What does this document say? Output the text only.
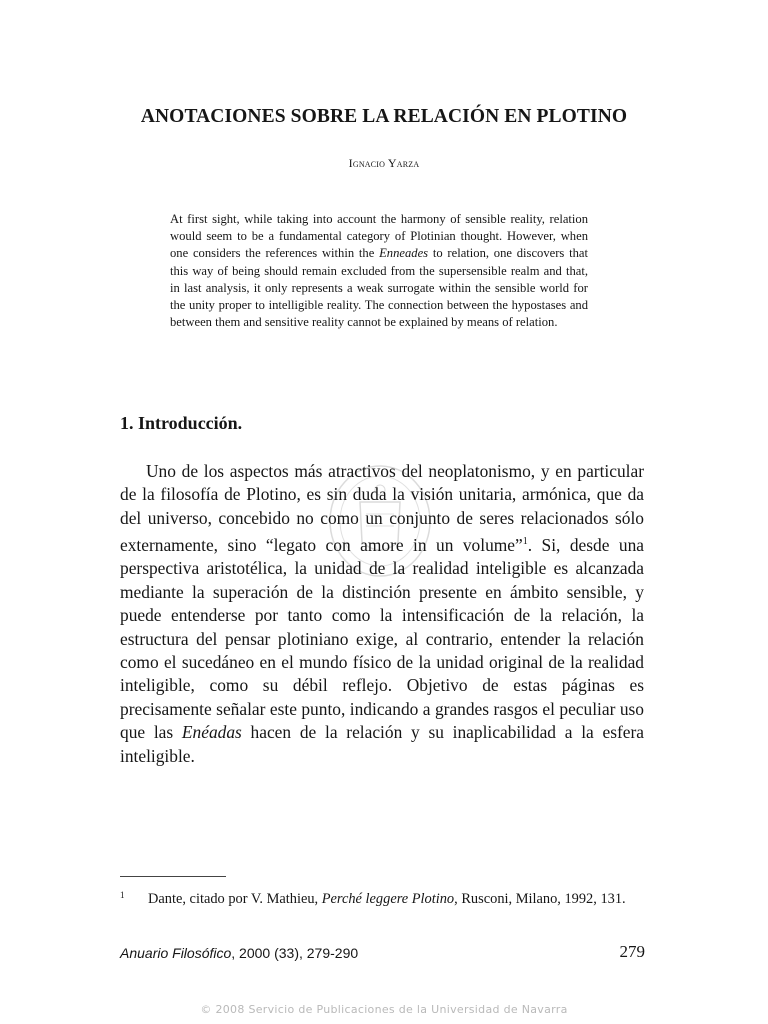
ANOTACIONES SOBRE LA RELACIÓN EN PLOTINO
Ignacio Yarza
At first sight, while taking into account the harmony of sensible reality, relation would seem to be a fundamental category of Plotinian thought. However, when one considers the references within the Enneades to relation, one discovers that this way of being should remain excluded from the supersensible realm and that, in last analysis, it only represents a weak surrogate within the sensible world for the unity proper to intelligible reality. The connection between the hypostases and between them and sensitive reality cannot be explained by means of relation.
1. Introducción.

Uno de los aspectos más atractivos del neoplatonismo, y en particular de la filosofía de Plotino, es sin duda la visión unitaria, armónica, que da del universo, concebido no como un conjunto de seres relacionados sólo externamente, sino “legato con amore in un volume”$^1$. Si, desde una perspectiva aristotélica, la unidad de la realidad inteligible es alcanzada mediante la superación de la distinción presente en ámbito sensible, y puede entenderse por tanto como la intensificación de la relación, la estructura del pensar plotiniano exige, al contrario, entender la relación como el sucedáneo en el mundo físico de la unidad original de la realidad inteligible, como su débil reflejo. Objetivo de estas páginas es precisamente señalar este punto, indicando a grandes rasgos el peculiar uso que las Enéadas hacen de la relación y su inaplicabilidad a la esfera inteligible.

1 Dante, citado por V. Mathieu, Perché leggere Plotino, Rusconi, Milano, 1992, 131.

Anuario Filosófico, 2000 (33), 279-290	279
© 2008 Servicio de Publicaciones de la Universidad de Navarra
